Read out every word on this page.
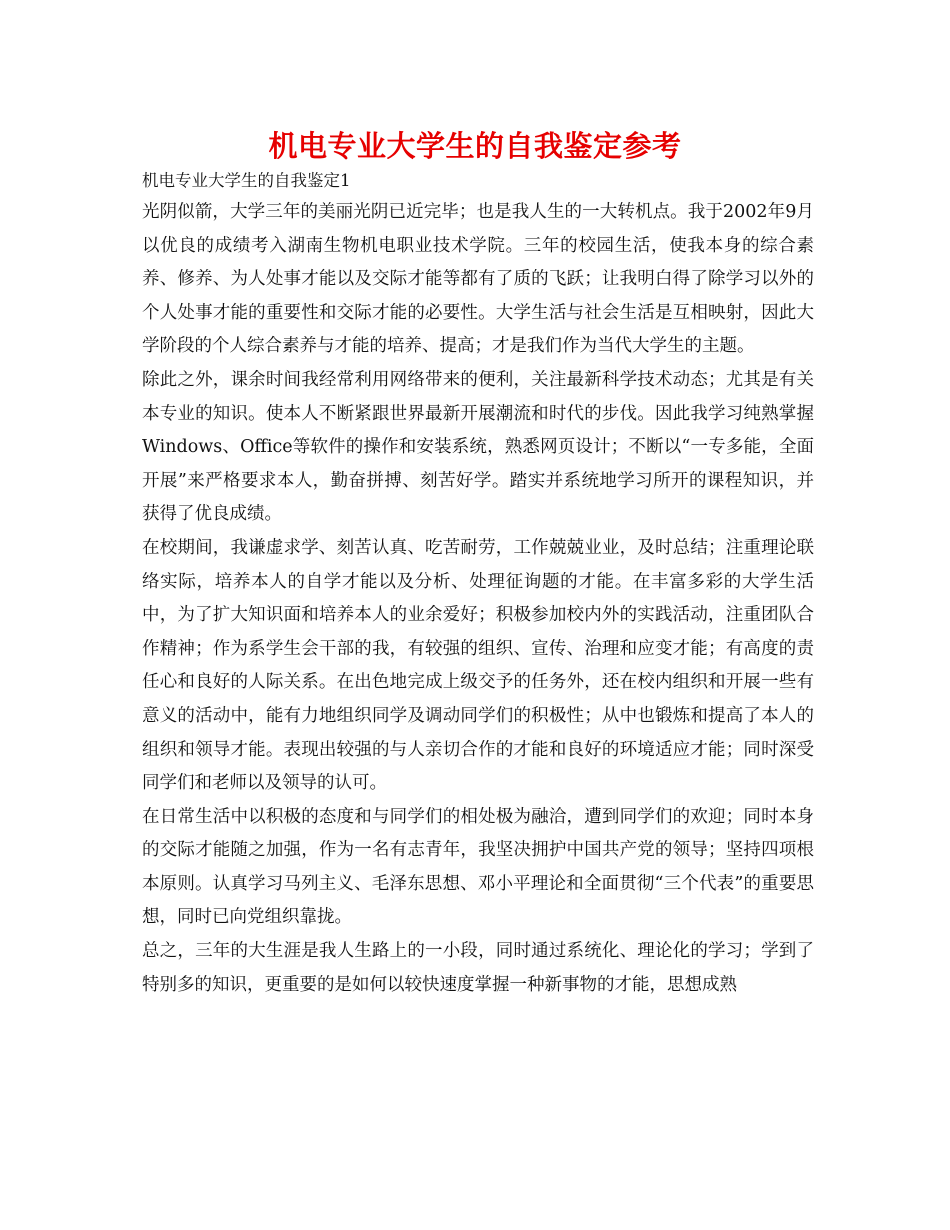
机电专业大学生的自我鉴定参考

机电专业大学生的自我鉴定1

光阴似箭，大学三年的美丽光阴已近完毕；也是我人生的一大转机点。我于2002年9月以优良的成绩考入湖南生物机电职业技术学院。三年的校园生活，使我本身的综合素养、修养、为人处事才能以及交际才能等都有了质的飞跃；让我明白得了除学习以外的个人处事才能的重要性和交际才能的必要性。大学生活与社会生活是互相映射，因此大学阶段的个人综合素养与才能的培养、提高；才是我们作为当代大学生的主题。

除此之外，课余时间我经常利用网络带来的便利，关注最新科学技术动态；尤其是有关本专业的知识。使本人不断紧跟世界最新开展潮流和时代的步伐。因此我学习纯熟掌握Windows、Office等软件的操作和安装系统，熟悉网页设计；不断以“一专多能，全面开展”来严格要求本人，勤奋拼搏、刻苦好学。踏实并系统地学习所开的课程知识，并获得了优良成绩。

在校期间，我谦虚求学、刻苦认真、吃苦耐劳，工作兢兢业业，及时总结；注重理论联络实际，培养本人的自学才能以及分析、处理征询题的才能。在丰富多彩的大学生活中，为了扩大知识面和培养本人的业余爱好；积极参加校内外的实践活动，注重团队合作精神；作为系学生会干部的我，有较强的组织、宣传、治理和应变才能；有高度的责任心和良好的人际关系。在出色地完成上级交予的任务外，还在校内组织和开展一些有意义的活动中，能有力地组织同学及调动同学们的积极性；从中也锻炼和提高了本人的组织和领导才能。表现出较强的与人亲切合作的才能和良好的环境适应才能；同时深受同学们和老师以及领导的认可。

在日常生活中以积极的态度和与同学们的相处极为融洽，遭到同学们的欢迎；同时本身的交际才能随之加强，作为一名有志青年，我坚决拥护中国共产党的领导；坚持四项根本原则。认真学习马列主义、毛泽东思想、邓小平理论和全面贯彻“三个代表”的重要思想，同时已向党组织靠拢。

总之，三年的大生涯是我人生路上的一小段，同时通过系统化、理论化的学习；学到了特别多的知识，更重要的是如何以较快速度掌握一种新事物的才能，思想成熟
